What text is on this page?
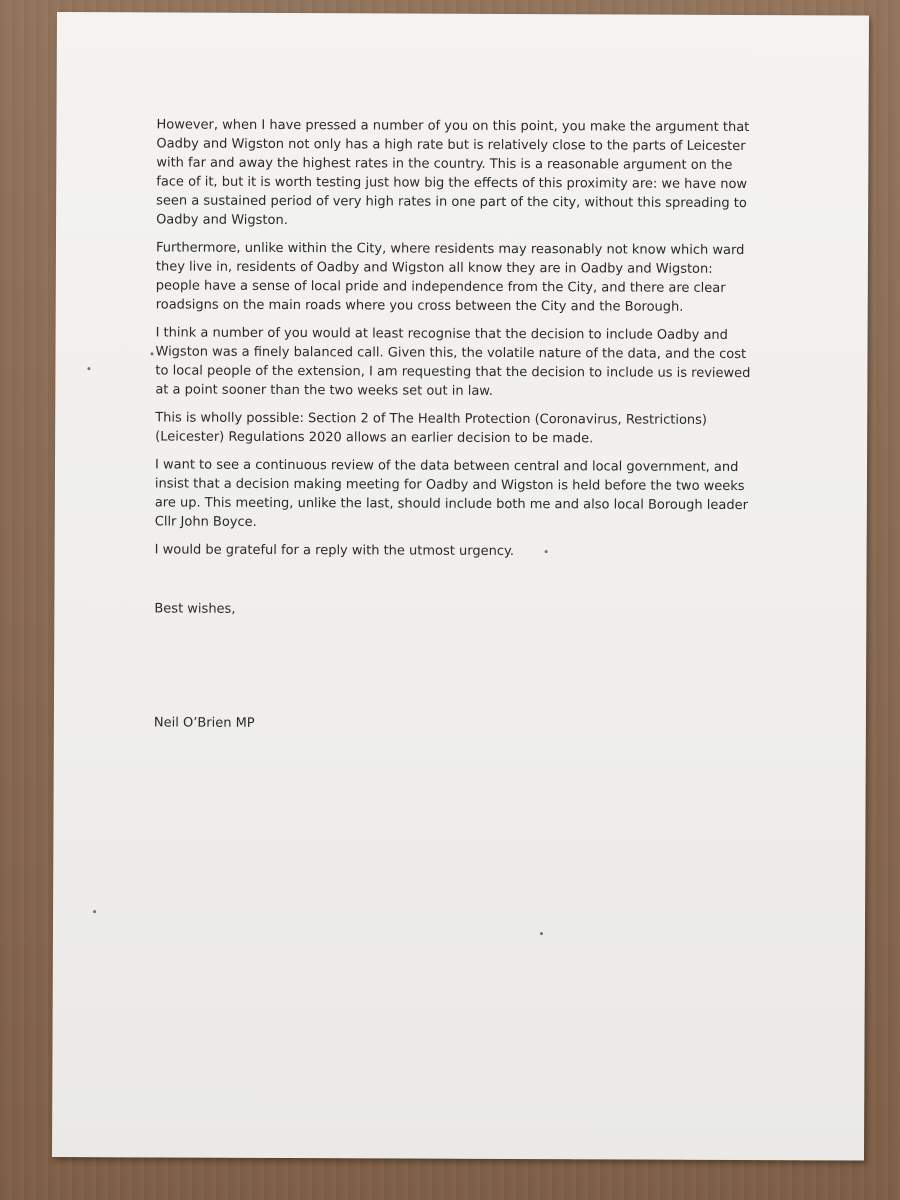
However, when I have pressed a number of you on this point, you make the argument that Oadby and Wigston not only has a high rate but is relatively close to the parts of Leicester with far and away the highest rates in the country. This is a reasonable argument on the face of it, but it is worth testing just how big the effects of this proximity are: we have now seen a sustained period of very high rates in one part of the city, without this spreading to Oadby and Wigston.

Furthermore, unlike within the City, where residents may reasonably not know which ward they live in, residents of Oadby and Wigston all know they are in Oadby and Wigston: people have a sense of local pride and independence from the City, and there are clear roadsigns on the main roads where you cross between the City and the Borough.

I think a number of you would at least recognise that the decision to include Oadby and Wigston was a finely balanced call. Given this, the volatile nature of the data, and the cost to local people of the extension, I am requesting that the decision to include us is reviewed at a point sooner than the two weeks set out in law.

This is wholly possible: Section 2 of The Health Protection (Coronavirus, Restrictions) (Leicester) Regulations 2020 allows an earlier decision to be made.

I want to see a continuous review of the data between central and local government, and insist that a decision making meeting for Oadby and Wigston is held before the two weeks are up. This meeting, unlike the last, should include both me and also local Borough leader Cllr John Boyce.

I would be grateful for a reply with the utmost urgency.

Best wishes,

Neil O’Brien MP
